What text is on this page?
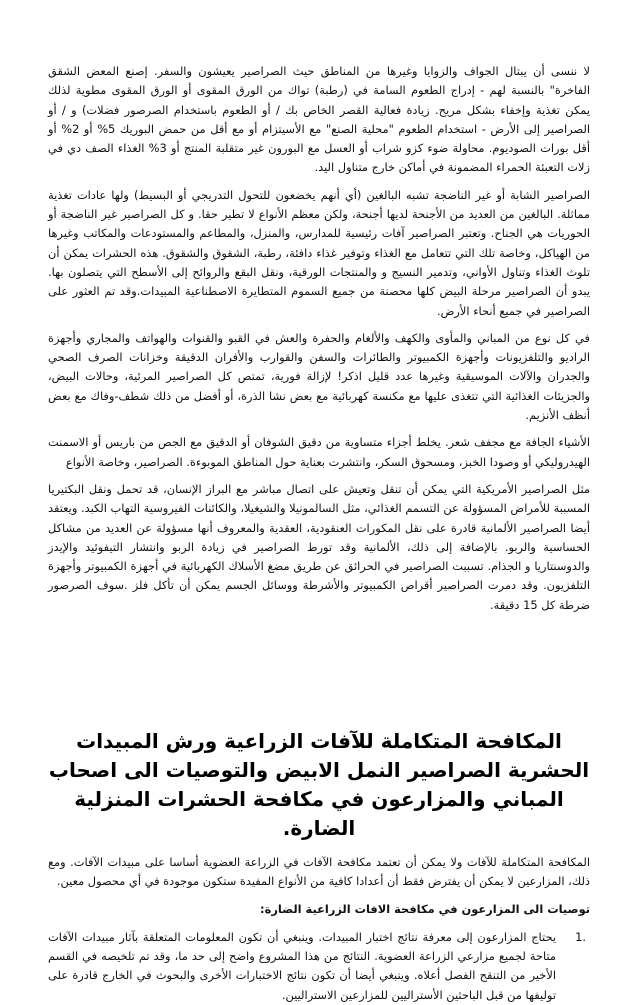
لا ننسى أن يبتال الجواف والزوايا وغيرها من المناطق حيث الصراصير يعيشون والسفر. إصنع المعض الشقق الفاخرة" بالنسبة لهم - إدراج الطعوم السامة في (رطبة) تواك من الورق المقوى أو الورق المقوى مطوية لذلك يمكن تغذية وإخفاء بشكل مريح. زيادة فعالية القصر الخاص بك / أو الطعوم باستخدام الصرصور فضلات) و / أو الصراصير إلى الأرض - استخدام الطعوم "محلية الصنع" مع الأسيتزام أو مع أقل من حمض البوريك 5% أو 2% أو أقل بورات الصوديوم. محاولة ضوء كزو شراب أو العسل مع البورون غير متقلبة المنتج أو 3% الغذاء الصف دي في زلات التعبئة الحمراء المضمونة في أماكن خارج متناول اليد.

الصراصير الشابة أو غير الناضجة تشبه البالغين (أي أنهم يخضعون للتحول التدريجي أو البسيط) ولها عادات تغذية مماثلة. البالغين من العديد من الأجنحة لديها أجنحة، ولكن معظم الأنواع لا تطير حقا. و كل الصراصير غير الناضجة أو الحوريات هي الجناح. وتعتبر الصراصير آفات رئيسية للمدارس، والمنزل، والمطاعم والمستودعات والمكاتب وغيرها من الهياكل، وخاصة تلك التي تتعامل مع الغذاء وتوفير غذاء دافئة، رطبة، الشقوق والشقوق. هذه الحشرات يمكن أن تلوث الغذاء وتناول الأواني، وتدمير النسيج و والمنتجات الورقية، ونقل البقع والروائح إلى الأسطح التي يتصلون بها. يبدو أن الصراصير مرحلة البيض كلها محصنة من جميع السموم المتطايرة الاصطناعية المبيدات.وقد تم العثور على الصراصير في جميع أنحاء الأرض.

في كل نوع من المباني والمأوى والكهف والألغام والحفرة والعش في القبو والقنوات والهواتف والمجاري وأجهزة الراديو والتلفزيونات وأجهزة الكمبيوتر والطائرات والسفن والقوارب والأفران الدقيقة وخزانات الصرف الصحي والجدران والآلات الموسيقية وغيرها عدد قليل اذكر! لإزالة فورية، تمتص كل الصراصير المرئية، وحالات البيض، والجزيئات الغذائية التي تتغذى عليها مع مكنسة كهربائية مع بعض نشا الذرة، أو أفضل من ذلك شطف-وفاك مع بعض أنظف الأنزيم.

الأشياء الجافة مع مجفف شعر. يخلط أجزاء متساوية من دقيق الشوفان أو الدقيق مع الجص من باريس أو الاسمنت الهيدروليكي أو وصودا الخبز، ومسحوق السكر، وانتشرت بعناية حول المناطق الموبوءة. الصراصير، وخاصة الأنواع

مثل الصراصير الأمريكية التي يمكن أن تنقل وتعيش على اتصال مباشر مع البراز الإنسان، قد تحمل ونقل البكتيريا المسببة للأمراض المسؤولة عن التسمم الغذائي، مثل السالمونيلا والشيغيلا، والكائنات الفيروسية التهاب الكبد. ويعتقد أيضا الصراصير الألمانية قادرة على نقل المكورات العنقودية، العقدية والمعروف أنها مسؤولة عن العديد من مشاكل الحساسية والربو. بالإضافة إلى ذلك، الألمانية وقد تورط الصراصير في زيادة الربو وانتشار التيفوئيد والإيدز والدوسنتاريا و الجذام. تسببت الصراصير في الحرائق عن طريق مضغ الأسلاك الكهربائية في أجهزة الكمبيوتر وأجهزة التلفزيون. وقد دمرت الصراصير أقراص الكمبيوتر والأشرطة ووسائل الجسم يمكن أن تأكل فلز .سوف الصرصور ضرطة كل 15 دقيقة.

المكافحة المتكاملة للآفات الزراعية ورش المبيدات الحشرية الصراصير النمل الابيض والتوصيات الى اصحاب المباني والمزارعون في مكافحة الحشرات المنزلية الضارة.

المكافحة المتكاملة للآفات ولا يمكن أن تعتمد مكافحة الآفات في الزراعة العضوية أساسا على مبيدات الآفات. ومع ذلك، المزارعين لا يمكن أن يفترض فقط أن أعدادا كافية من الأنواع المفيدة ستكون موجودة في أي محصول معين.

توصيات الى المزارعون في مكافحة الافات الزراعية الضارة:

1.
يحتاج المزارعون إلى معرفة نتائج اختبار المبيدات. وينبغي أن تكون المعلومات المتعلقة بآثار مبيدات الآفات متاحة لجميع مزارعي الزراعة العضوية. النتائج من هذا المشروع واضح إلى حد ما، وقد تم تلخيصه في القسم الأخير من التنقح الفصل أعلاه. وينبغي أيضا أن تكون نتائج الاختبارات الأخرى والبحوث في الخارج قادرة على توليفها من قبل الباحثين الأستراليين للمزارعين الاستراليين.
